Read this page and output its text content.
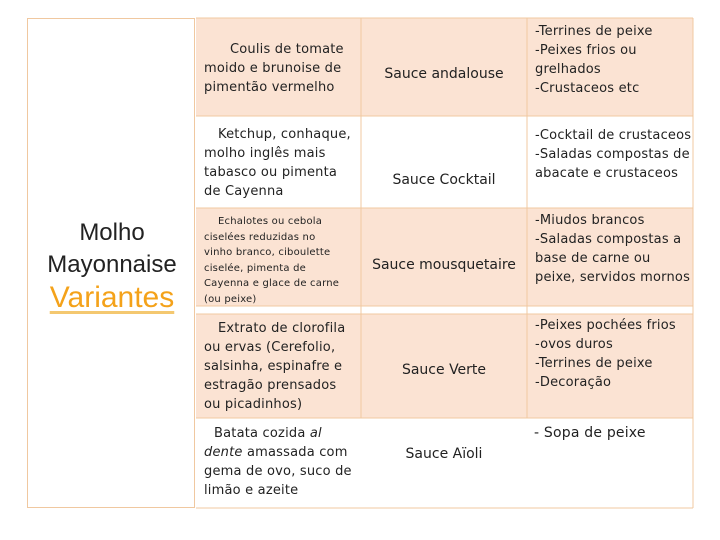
Molho
Mayonnaise
Variantes
Coulis de tomate
moido e brunoise de
pimentão vermelho
Sauce andalouse
-Terrines de peixe
-Peixes frios ou
grelhados
-Crustaceos etc
Ketchup, conhaque,
molho inglês mais
tabasco ou pimenta
de Cayenna
Sauce Cocktail
-Cocktail de crustaceos
-Saladas compostas de
abacate e crustaceos
Echalotes ou cebola
ciselées reduzidas no
vinho branco, ciboulette
ciselée, pimenta de
Cayenna e glace de carne
(ou peixe)
Sauce mousquetaire
-Miudos brancos
-Saladas compostas a
base de carne ou
peixe, servidos mornos
Extrato de clorofila
ou ervas (Cerefolio,
salsinha, espinafre e
estragão prensados
ou picadinhos)
Sauce Verte
-Peixes pochées frios
-ovos duros
-Terrines de peixe
-Decoração
Batata cozida al
dente amassada com
gema de ovo, suco de
limão e azeite
Sauce Aïoli
- Sopa de peixe
